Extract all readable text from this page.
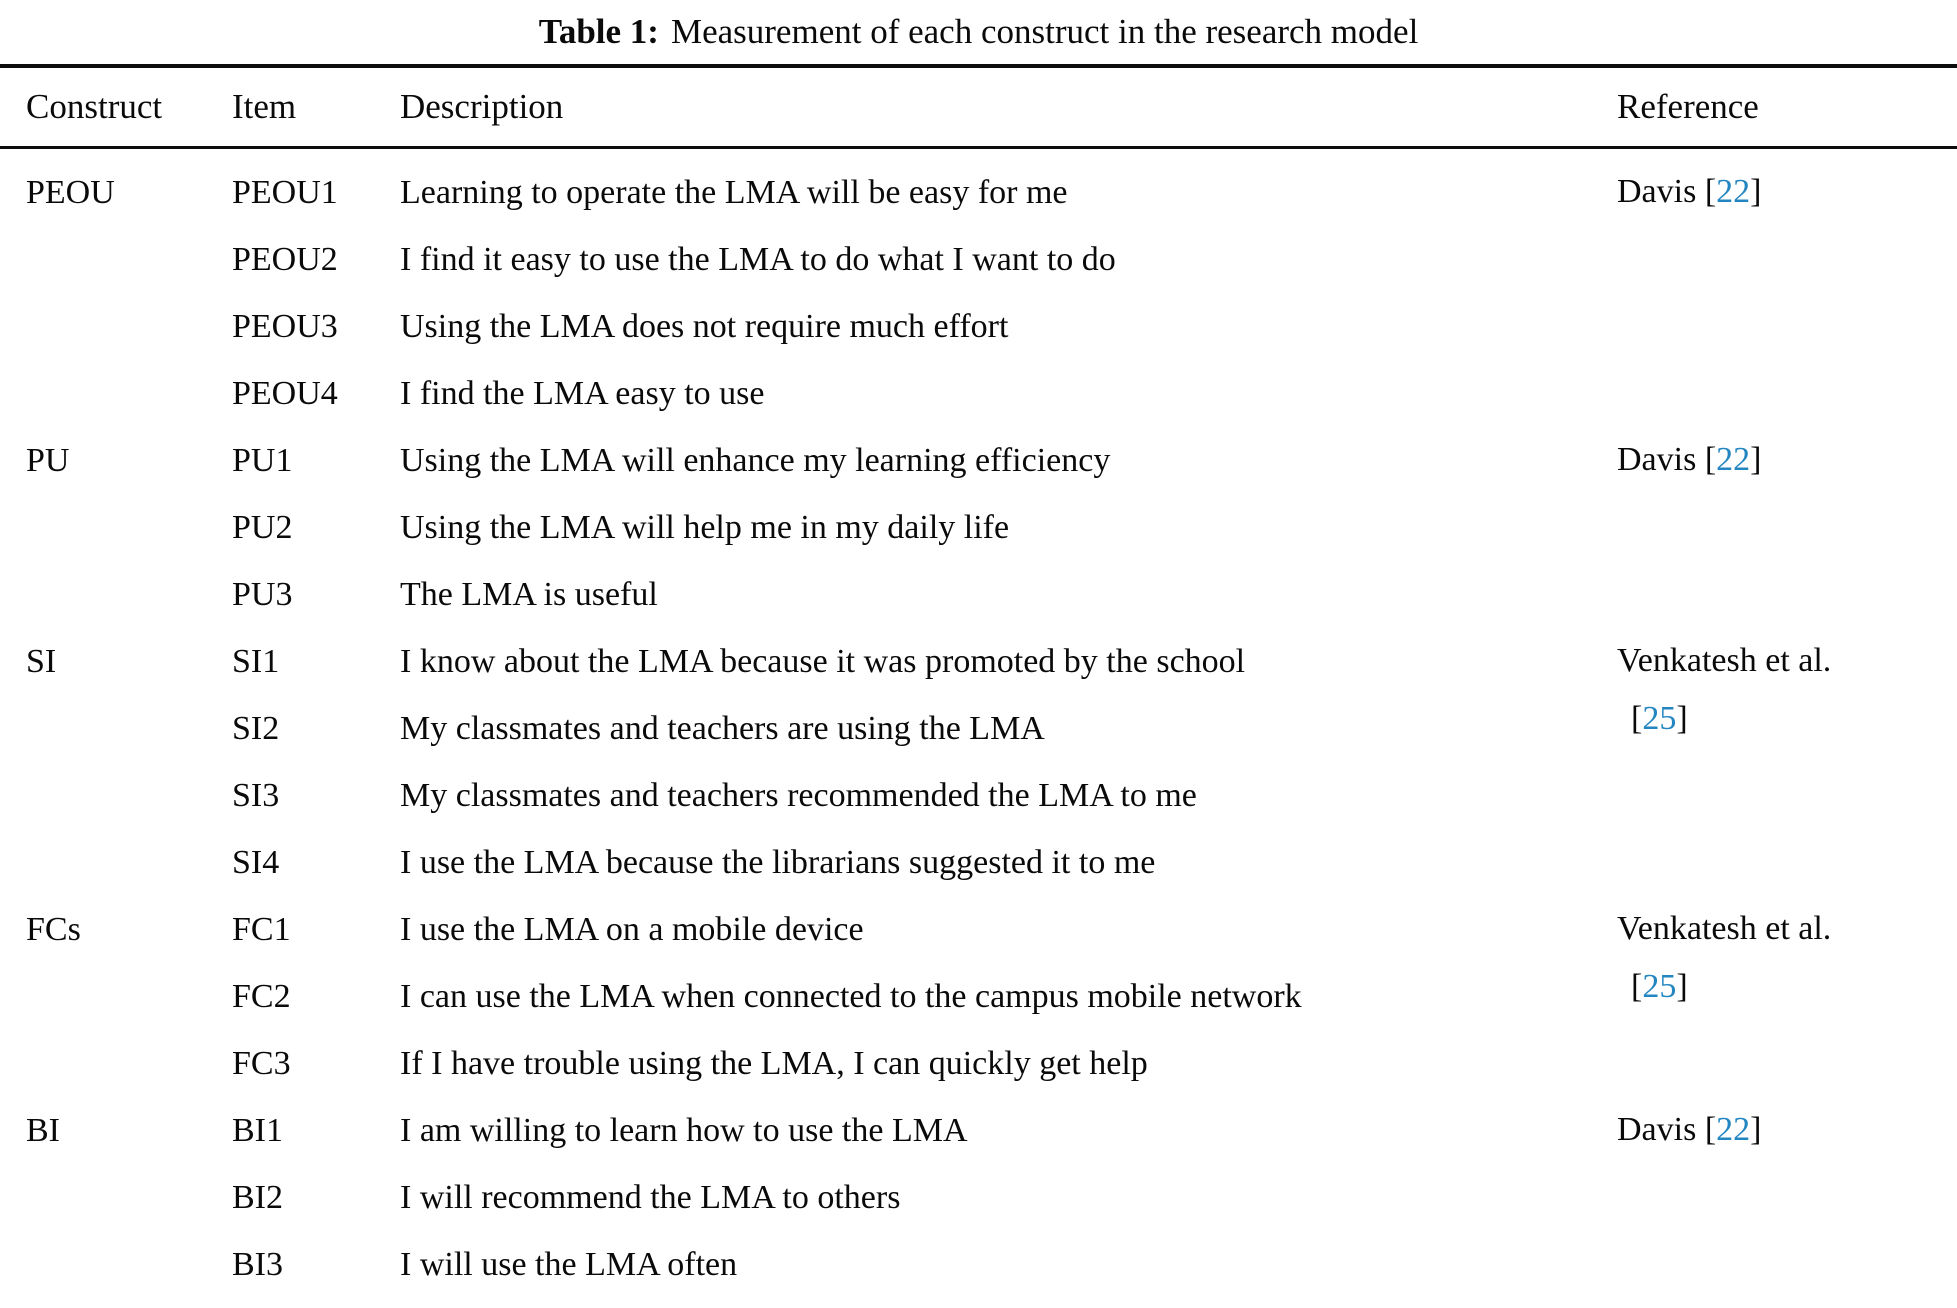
Table 1: Measurement of each construct in the research model
Construct	Item	Description	Reference
PEOU	PEOU1	Learning to operate the LMA will be easy for me	Davis [22]
PEOU2	I find it easy to use the LMA to do what I want to do
PEOU3	Using the LMA does not require much effort
PEOU4	I find the LMA easy to use
PU	PU1	Using the LMA will enhance my learning efficiency	Davis [22]
PU2	Using the LMA will help me in my daily life
PU3	The LMA is useful
SI	SI1	I know about the LMA because it was promoted by the school	Venkatesh et al.
[25]
SI2	My classmates and teachers are using the LMA
SI3	My classmates and teachers recommended the LMA to me
SI4	I use the LMA because the librarians suggested it to me
FCs	FC1	I use the LMA on a mobile device	Venkatesh et al.
[25]
FC2	I can use the LMA when connected to the campus mobile network
FC3	If I have trouble using the LMA, I can quickly get help
BI	BI1	I am willing to learn how to use the LMA	Davis [22]
BI2	I will recommend the LMA to others
BI3	I will use the LMA often
